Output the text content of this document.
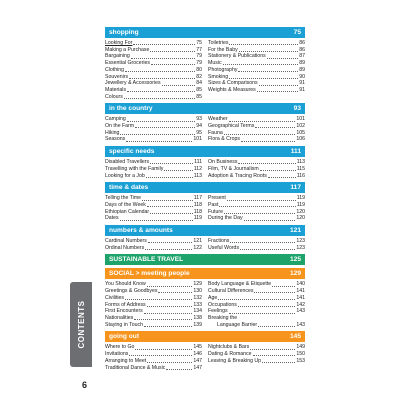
CONTENTS
6
shopping	75
Looking For	75
Making a Purchase	77
Bargaining	79
Essential Groceries	79
Clothing	80
Souvenirs	82
Jewellery & Accessories	84
Materials	85
Colours	85
Toiletries	86
For the Baby	86
Stationery & Publications	87
Music	89
Photography	89
Smoking	90
Sizes & Comparisons	91
Weights & Measures	91
in the country	93
Camping	93
On the Farm	94
Hiking	95
Seasons	101
Weather	101
Geographical Terms	102
Fauna	105
Flora & Crops	106
specific needs	111
Disabled Travellers	111
Travelling with the Family	112
Looking for a Job	113
On Business	113
Film, TV & Journalism	115
Adoption & Tracing Roots	116
time & dates	117
Telling the Time	117
Days of the Week	118
Ethiopian Calendar	118
Dates	119
Present	119
Past	119
Future	120
During the Day	120
numbers & amounts	121
Cardinal Numbers	121
Ordinal Numbers	122
Fractions	123
Useful Words	123
SUSTAINABLE TRAVEL	125
SOCIAL > meeting people	129
You Should Know	129
Greetings & Goodbyes	130
Civilities	132
Forms of Address	133
First Encounters	134
Nationalities	138
Staying in Touch	139
Body Language & Etiquette	140
Cultural Differences	141
Age	141
Occupations	142
Feelings	143
Breaking the
Language Barrier	143
going out	145
Where to Go	145
Invitations	146
Arranging to Meet	147
Traditional Dance & Music	147
Nightclubs & Bars	149
Dating & Romance	150
Leaving & Breaking Up	153
